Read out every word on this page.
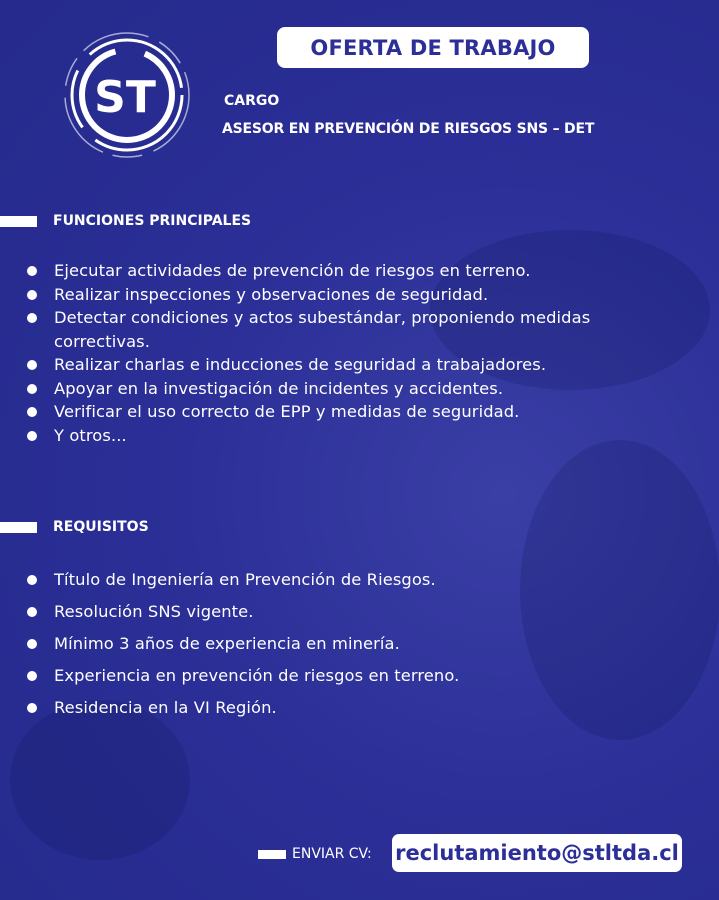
ST
OFERTA DE TRABAJO
CARGO
ASESOR EN PREVENCIÓN DE RIESGOS SNS – DET
FUNCIONES PRINCIPALES
Ejecutar actividades de prevención de riesgos en terreno.
Realizar inspecciones y observaciones de seguridad.
Detectar condiciones y actos subestándar, proponiendo medidas correctivas.
Realizar charlas e inducciones de seguridad a trabajadores.
Apoyar en la investigación de incidentes y accidentes.
Verificar el uso correcto de EPP y medidas de seguridad.
Y otros...
REQUISITOS
Título de Ingeniería en Prevención de Riesgos.
Resolución SNS vigente.
Mínimo 3 años de experiencia en minería.
Experiencia en prevención de riesgos en terreno.
Residencia en la VI Región.
ENVIAR CV: reclutamiento@stltda.cl
